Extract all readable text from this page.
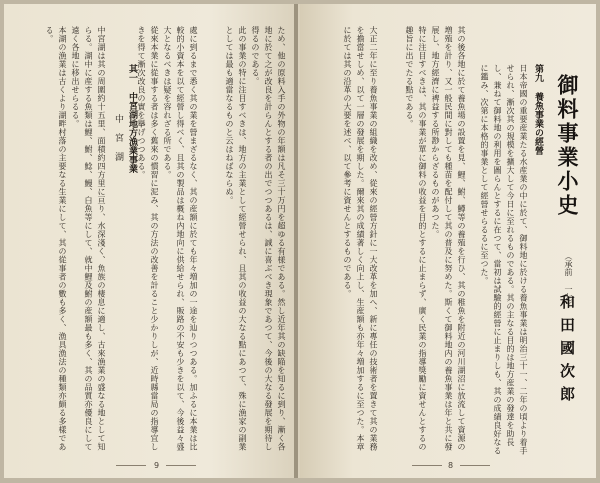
ため、他の原料入手の外物の年額は凡そ三十万円を超ゆる有様である。然し近年其の缺陥を知るに到り、漸く各地に於て之が改良を計らんとする者の出でつつあるは、誠に喜ぶべき現象であつて、今後の大なる發展を期待し得るのである。
此の事業の特に注目すべきは、地方の主業として經營せられ、且其の收益の大なる點にあつて、殊に漁家の副業としては最も適當なるものと云はねばならぬ。
處に到るまで悉く其の業を營まざるなく、其の産額に於ても年々増加の一途を辿りつつある。加ふるに本業は比較的小資本を以て經營し得べく、且其の製品は概ね内地向に供給せられ、販路の不安も少きを以て、今後益々盛大となるべきは疑を容れざる所である。
從來本業に從事する者は多く舊來の慣習に泥み、其の方法の改善を計ること少かりしが、近時縣當局の指導宜しきを得て漸次改良の實を擧げつつある。
其一 中宮湖地方漁業事業
中 宮 湖
中宮湖は其の周圍約十五里、面積約四方里に亘り、水深淺く、魚族の棲息に適し、古來漁業の盛なる地として知らる。湖中に産する魚類は鯉、鮒、鯰、鰻、白魚等にして、就中鯉及鮒の産額最も多く、其の品質亦優良にして遠く各地に移出せらるる。
本湖の漁業は古くより湖畔村落の主要なる生業にして、其の從事者の數も多く、漁具漁法の種類亦頗る多樣である。
9
御料事業小史
（承前 一七）
和田國次郎
第九 養魚事業の經營
日本帝國の重要産業たる水産業の中に於て、御料地に於ける養魚事業は明治三十一、二年の頃より着手せられ、漸次其の規模を擴大して今日に至れるものである。其の主なる目的は地方産業の發達を助長し、兼ねて御料地の利用を圖らんとするに在つて、當初は試驗的經營に止まりしも、其の成績良好なるに鑑み、次第に本格的事業として經營せらるるに至つた。
其の後各地に於て養魚場の設置を見、鯉、鮒、鱒等の養殖を行ひ、其の稚魚を附近の河川湖沼に放流して資源の増殖を計り、又一般民間に對しても種苗を配付して其の普及に努めた。斯くて御料地内の養魚事業は年と共に發展し、地方經濟に裨益する所尠からざるものがあつた。
特に注目すべきは、其の事業が單に御料の收益を目的とするに止まらず、廣く民業の指導獎勵に資せんとするの趣旨に出でたる點である。
大正二年に至り養魚事業の組織を改め、從來の經營方針に一大改革を加へ、新に專任の技術者を置きて其の業務を擔當せしめ、以て一層の發展を期した。爾來其の成績著しく向上し、生産額も亦年々増加するに至つた。本章に於ては其の沿革の大要を述べ、以て參考に資せんとするものである。
8
